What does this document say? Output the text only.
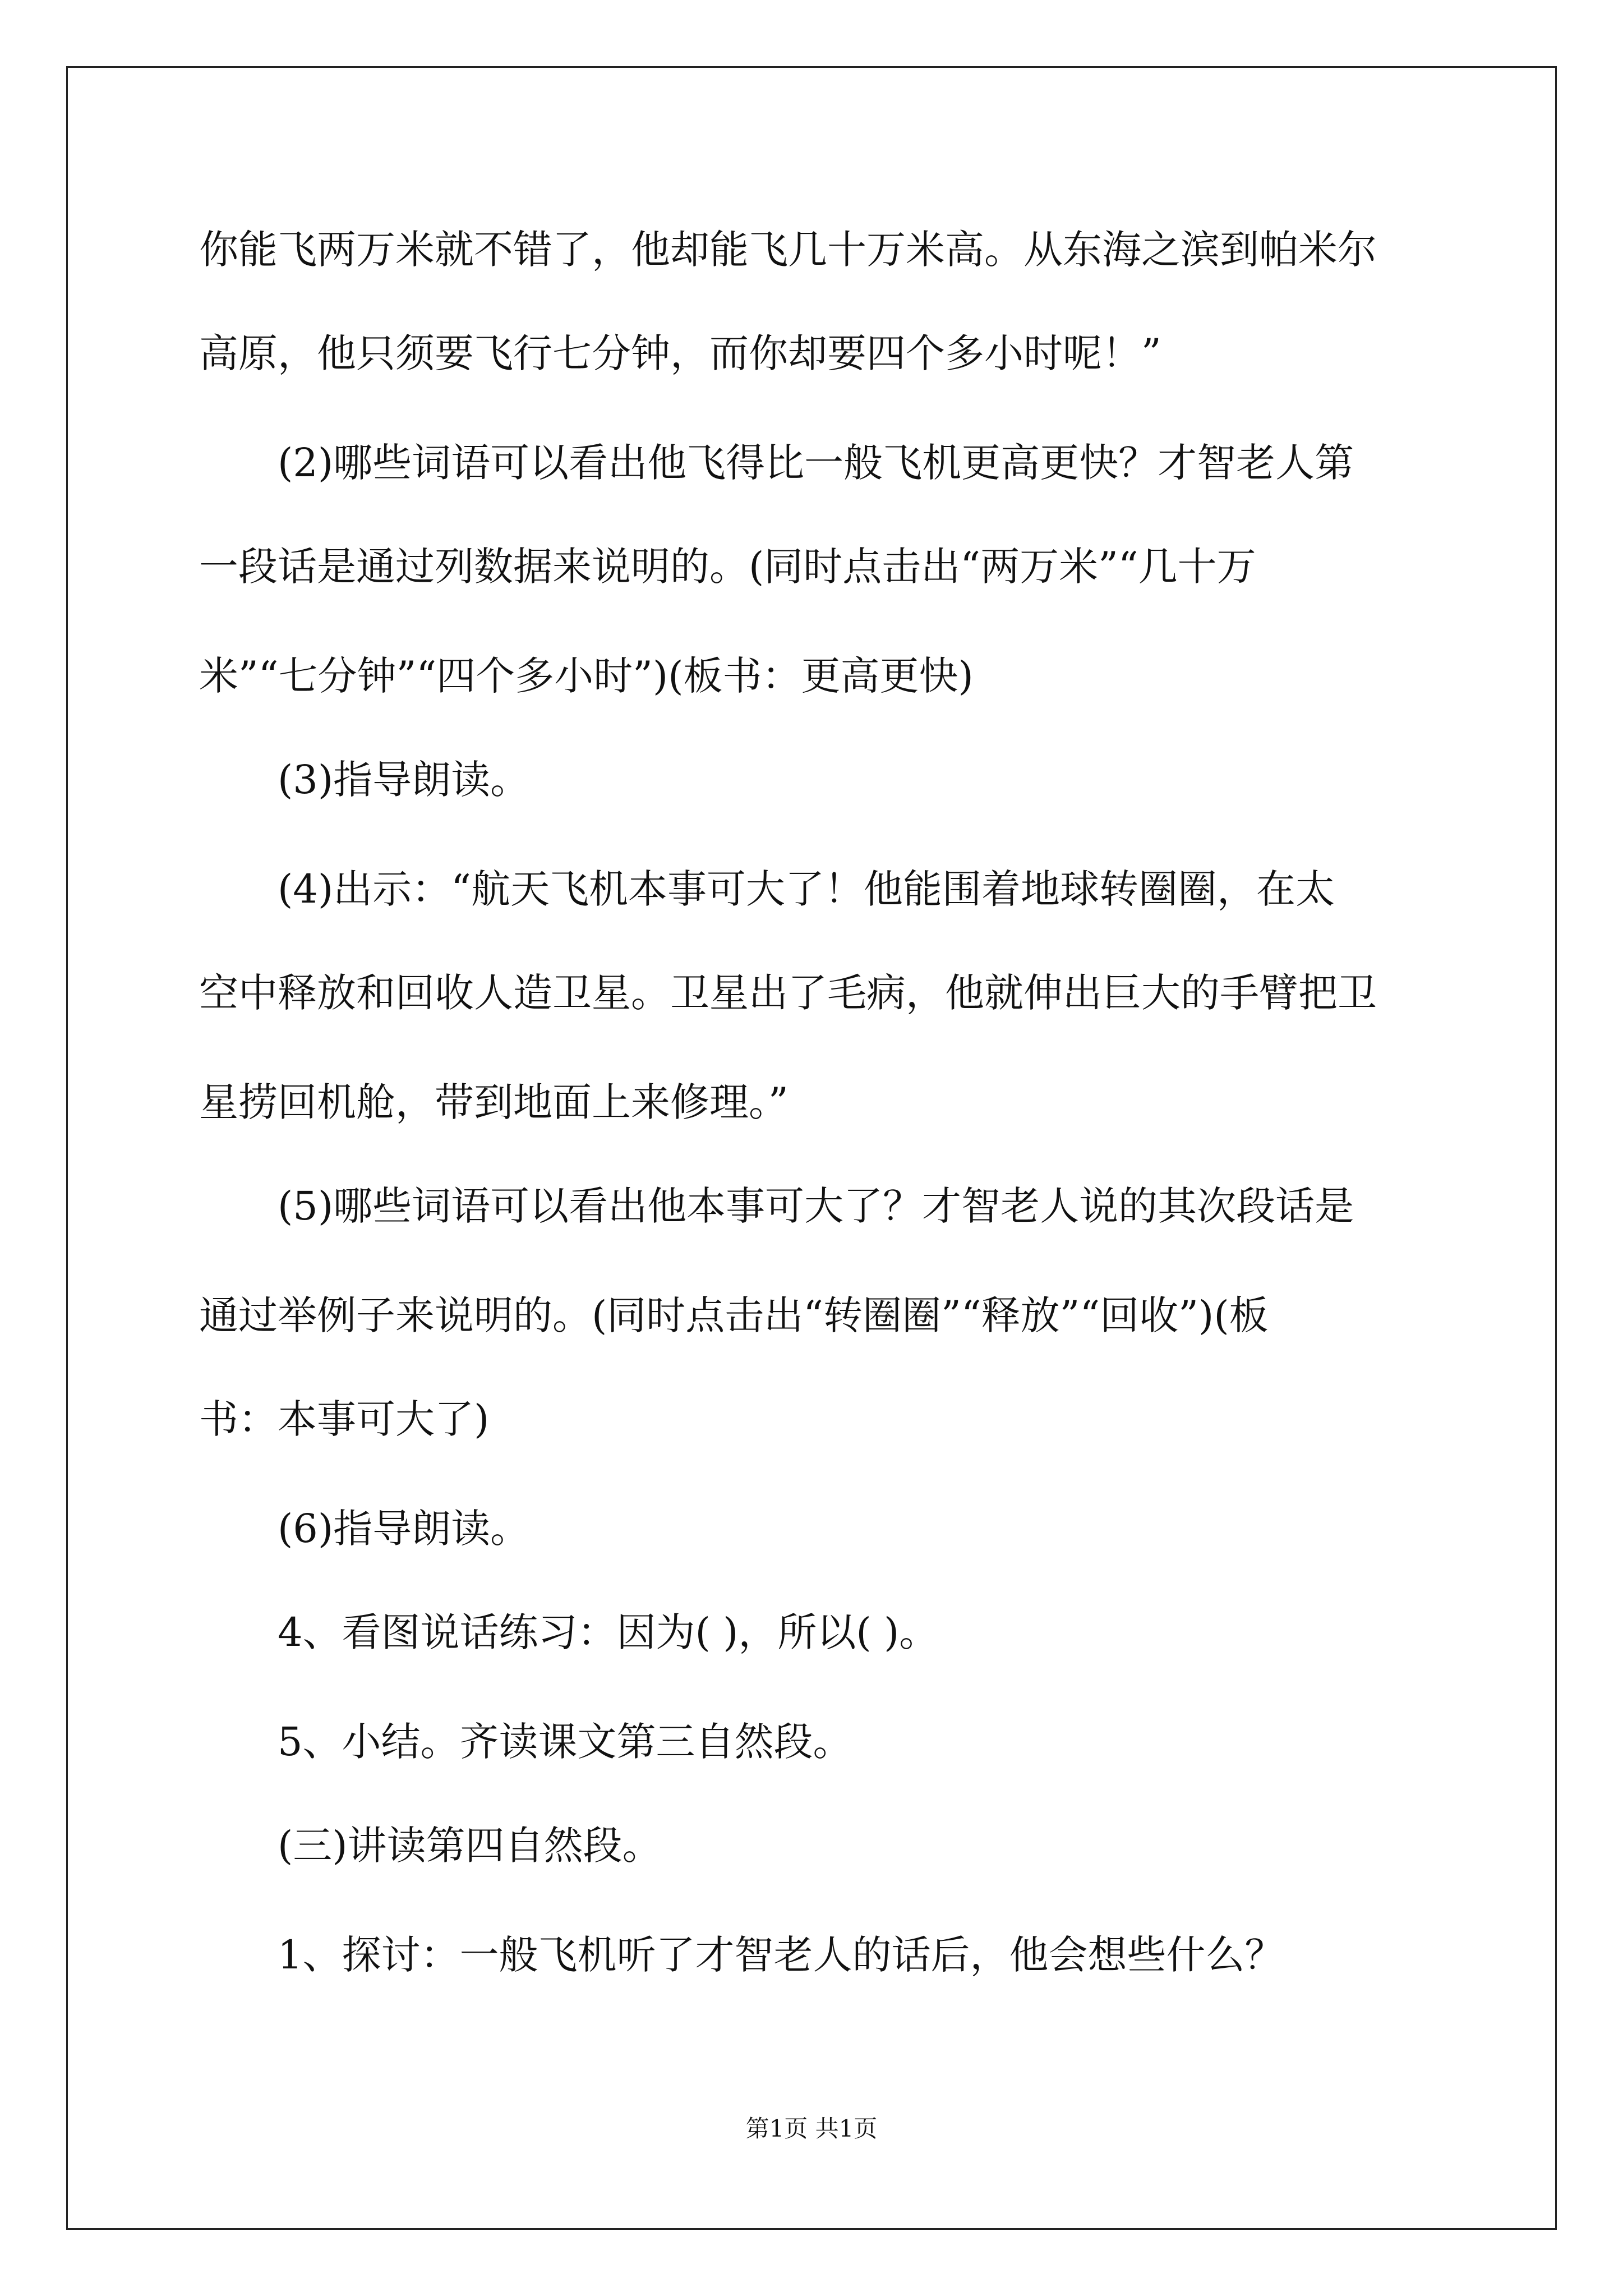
你能飞两万米就不错了，他却能飞几十万米高。从东海之滨到帕米尔

高原，他只须要飞行七分钟，而你却要四个多小时呢！”

(2)哪些词语可以看出他飞得比一般飞机更高更快？才智老人第

一段话是通过列数据来说明的。(同时点击出“两万米”“几十万

米”“七分钟”“四个多小时”)(板书：更高更快)

(3)指导朗读。

(4)出示：“航天飞机本事可大了！他能围着地球转圈圈，在太

空中释放和回收人造卫星。卫星出了毛病，他就伸出巨大的手臂把卫

星捞回机舱，带到地面上来修理。”

(5)哪些词语可以看出他本事可大了？才智老人说的其次段话是

通过举例子来说明的。(同时点击出“转圈圈”“释放”“回收”)(板

书：本事可大了)

(6)指导朗读。

4、看图说话练习：因为( )，所以( )。

5、小结。齐读课文第三自然段。

(三)讲读第四自然段。

1、探讨：一般飞机听了才智老人的话后，他会想些什么？

第1页 共1页
